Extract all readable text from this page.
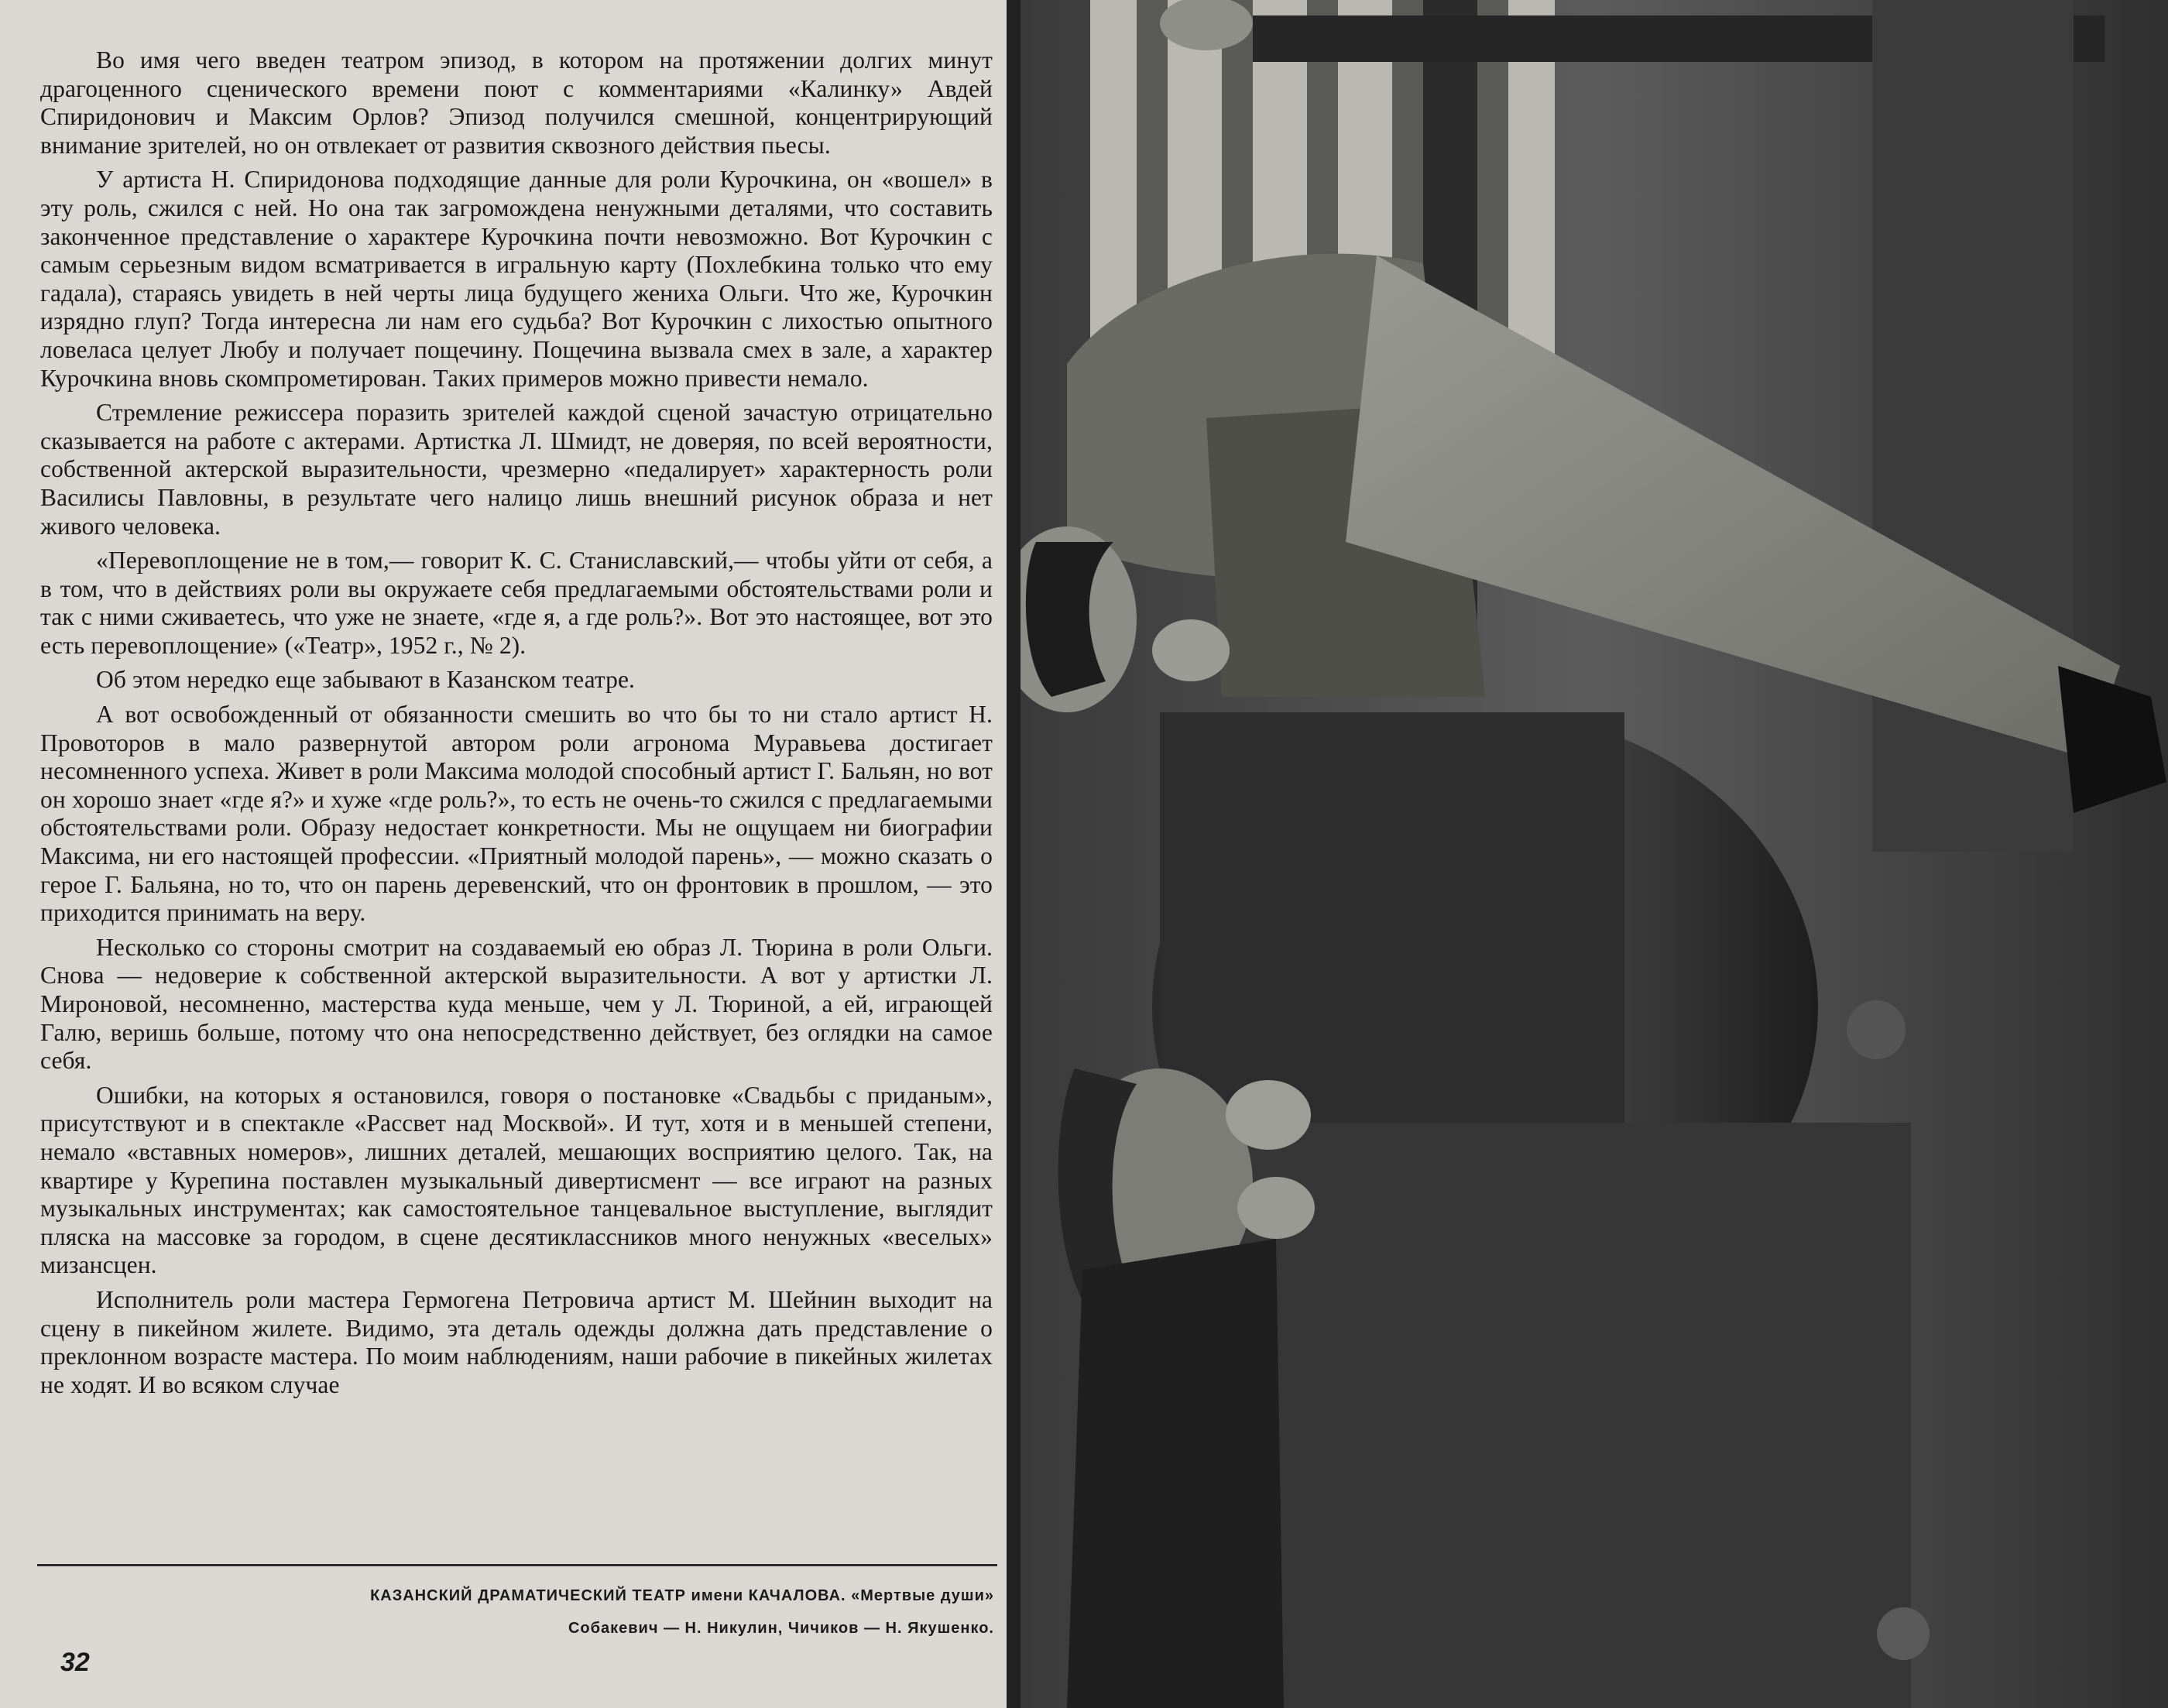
Во имя чего введен театром эпизод, в котором на протяжении долгих минут драгоценного сценического времени поют с комментариями «Калинку» Авдей Спиридонович и Максим Орлов? Эпизод получился смешной, концентрирующий внимание зрителей, но он отвлекает от развития сквозного действия пьесы.

У артиста Н. Спиридонова подходящие данные для роли Курочкина, он «вошел» в эту роль, сжился с ней. Но она так загромождена ненужными деталями, что составить законченное представление о характере Курочкина почти невозможно. Вот Курочкин с самым серьезным видом всматривается в игральную карту (Похлебкина только что ему гадала), стараясь увидеть в ней черты лица будущего жениха Ольги. Что же, Курочкин изрядно глуп? Тогда интересна ли нам его судьба? Вот Курочкин с лихостью опытного ловеласа целует Любу и получает пощечину. Пощечина вызвала смех в зале, а характер Курочкина вновь скомпрометирован. Таких примеров можно привести немало.

Стремление режиссера поразить зрителей каждой сценой зачастую отрицательно сказывается на работе с актерами. Артистка Л. Шмидт, не доверяя, по всей вероятности, собственной актерской выразительности, чрезмерно «педалирует» характерность роли Василисы Павловны, в результате чего налицо лишь внешний рисунок образа и нет живого человека.

«Перевоплощение не в том,— говорит К. С. Станиславский,— чтобы уйти от себя, а в том, что в действиях роли вы окружаете себя предлагаемыми обстоятельствами роли и так с ними сживаетесь, что уже не знаете, «где я, а где роль?». Вот это настоящее, вот это есть перевоплощение» («Театр», 1952 г., № 2).

Об этом нередко еще забывают в Казанском театре.

А вот освобожденный от обязанности смешить во что бы то ни стало артист Н. Провоторов в мало развернутой автором роли агронома Муравьева достигает несомненного успеха. Живет в роли Максима молодой способный артист Г. Бальян, но вот он хорошо знает «где я?» и хуже «где роль?», то есть не очень-то сжился с предлагаемыми обстоятельствами роли. Образу недостает конкретности. Мы не ощущаем ни биографии Максима, ни его настоящей профессии. «Приятный молодой парень», — можно сказать о герое Г. Бальяна, но то, что он парень деревенский, что он фронтовик в прошлом, — это приходится принимать на веру.

Несколько со стороны смотрит на создаваемый ею образ Л. Тюрина в роли Ольги. Снова — недоверие к собственной актерской выразительности. А вот у артистки Л. Мироновой, несомненно, мастерства куда меньше, чем у Л. Тюриной, а ей, играющей Галю, веришь больше, потому что она непосредственно действует, без оглядки на самое себя.

Ошибки, на которых я остановился, говоря о постановке «Свадьбы с приданым», присутствуют и в спектакле «Рассвет над Москвой». И тут, хотя и в меньшей степени, немало «вставных номеров», лишних деталей, мешающих восприятию целого. Так, на квартире у Курепина поставлен музыкальный дивертисмент — все играют на разных музыкальных инструментах; как самостоятельное танцевальное выступление, выглядит пляска на массовке за городом, в сцене десятиклассников много ненужных «веселых» мизансцен.

Исполнитель роли мастера Гермогена Петровича артист М. Шейнин выходит на сцену в пикейном жилете. Видимо, эта деталь одежды должна дать представление о преклонном возрасте мастера. По моим наблюдениям, наши рабочие в пикейных жилетах не ходят. И во всяком случае

КАЗАНСКИЙ ДРАМАТИЧЕСКИЙ ТЕАТР имени КАЧАЛОВА. «Мертвые души»
Собакевич — Н. Никулин, Чичиков — Н. Якушенко.
32
